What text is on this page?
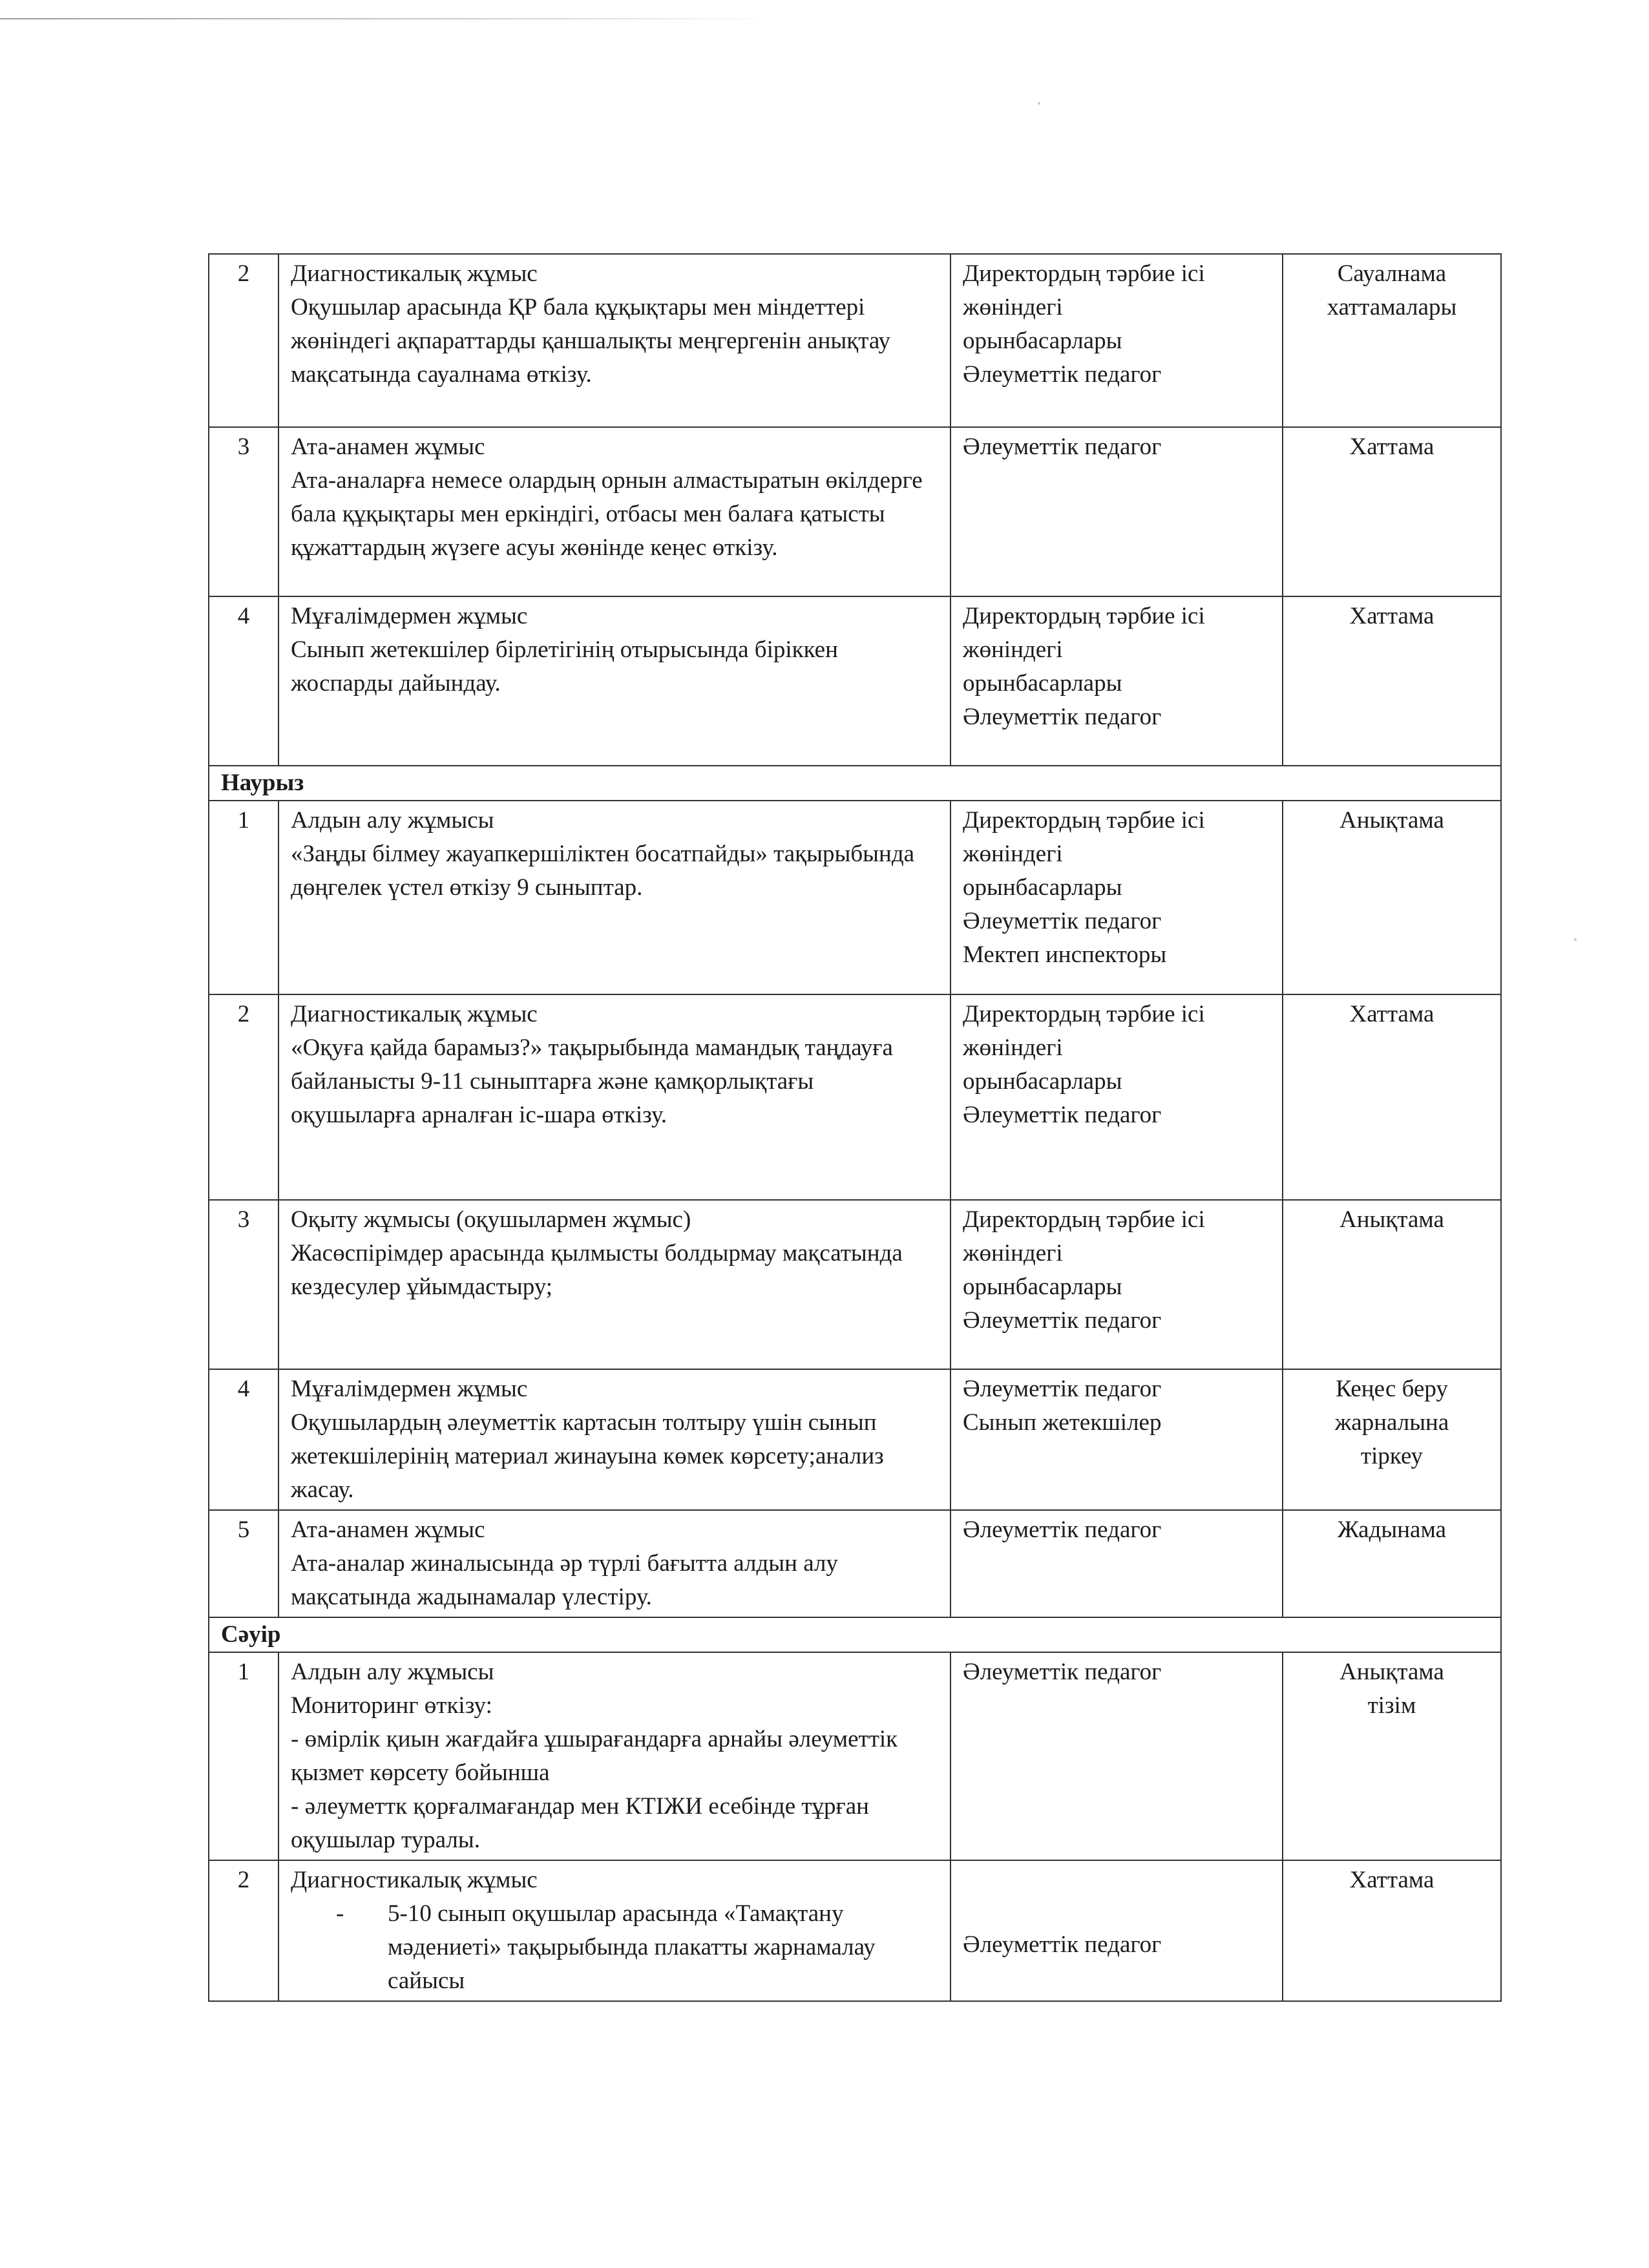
2	Диагностикалық жұмыс
Оқушылар арасында ҚР бала құқықтары мен міндеттері жөніндегі ақпараттарды қаншалықты меңгергенін анықтау мақсатында сауалнама өткізу.	Директордың тәрбие ісі жөніндегі
орынбасарлары
Әлеуметтік педагог	Сауалнама хаттамалары

3	Ата-анамен жұмыс
Ата-аналарға немесе олардың орнын алмастыратын өкілдерге бала құқықтары мен еркіндігі, отбасы мен балаға қатысты құжаттардың жүзеге асуы жөнінде кеңес өткізу.	Әлеуметтік педагог	Хаттама

4	Мұғалімдермен жұмыс
Сынып жетекшілер бірлетігінің отырысында біріккен жоспарды дайындау.	Директордың тәрбие ісі жөніндегі
орынбасарлары
Әлеуметтік педагог	Хаттама

Наурыз			
1	Алдын алу жұмысы
«Заңды білмеу жауапкершіліктен босатпайды» тақырыбында дөңгелек үстел өткізу 9 сыныптар.	Директордың тәрбие ісі жөніндегі
орынбасарлары
Әлеуметтік педагог
Мектеп инспекторы	Анықтама

2	Диагностикалық жұмыс
«Оқуға қайда барамыз?» тақырыбында мамандық таңдауға байланысты 9-11 сыныптарға және қамқорлықтағы оқушыларға арналған іс-шара өткізу.	Директордың тәрбие ісі жөніндегі
орынбасарлары
Әлеуметтік педагог	Хаттама

3	Оқыту жұмысы (оқушылармен жұмыс)
Жасөспірімдер арасында қылмысты болдырмау мақсатында кездесулер ұйымдастыру;	Директордың тәрбие ісі жөніндегі
орынбасарлары
Әлеуметтік педагог	Анықтама

4	Мұғалімдермен жұмыс
Оқушылардың әлеуметтік картасын толтыру үшін сынып жетекшілерінің материал жинауына көмек көрсету;анализ жасау.	Әлеуметтік педагог
Сынып жетекшілер	Кеңес беру
жарналына
тіркеу

5	Ата-анамен жұмыс
Ата-аналар жиналысында әр түрлі бағытта алдын алу мақсатында жадынамалар үлестіру.	Әлеуметтік педагог	Жадынама

Сәуір			
1	Алдын алу жұмысы
Мониторинг өткізу:
- өмірлік қиын жағдайға ұшырағандарға арнайы әлеуметтік қызмет көрсету бойынша
- әлеуметтк қорғалмағандар мен КТІЖИ есебінде тұрған оқушылар туралы.	Әлеуметтік педагог	Анықтама
тізім

2	Диагностикалық жұмыс
- 5-10 сынып оқушылар арасында «Тамақтану мәдениеті» тақырыбында плакатты жарнамалау сайысы	Әлеуметтік педагог	Хаттама
